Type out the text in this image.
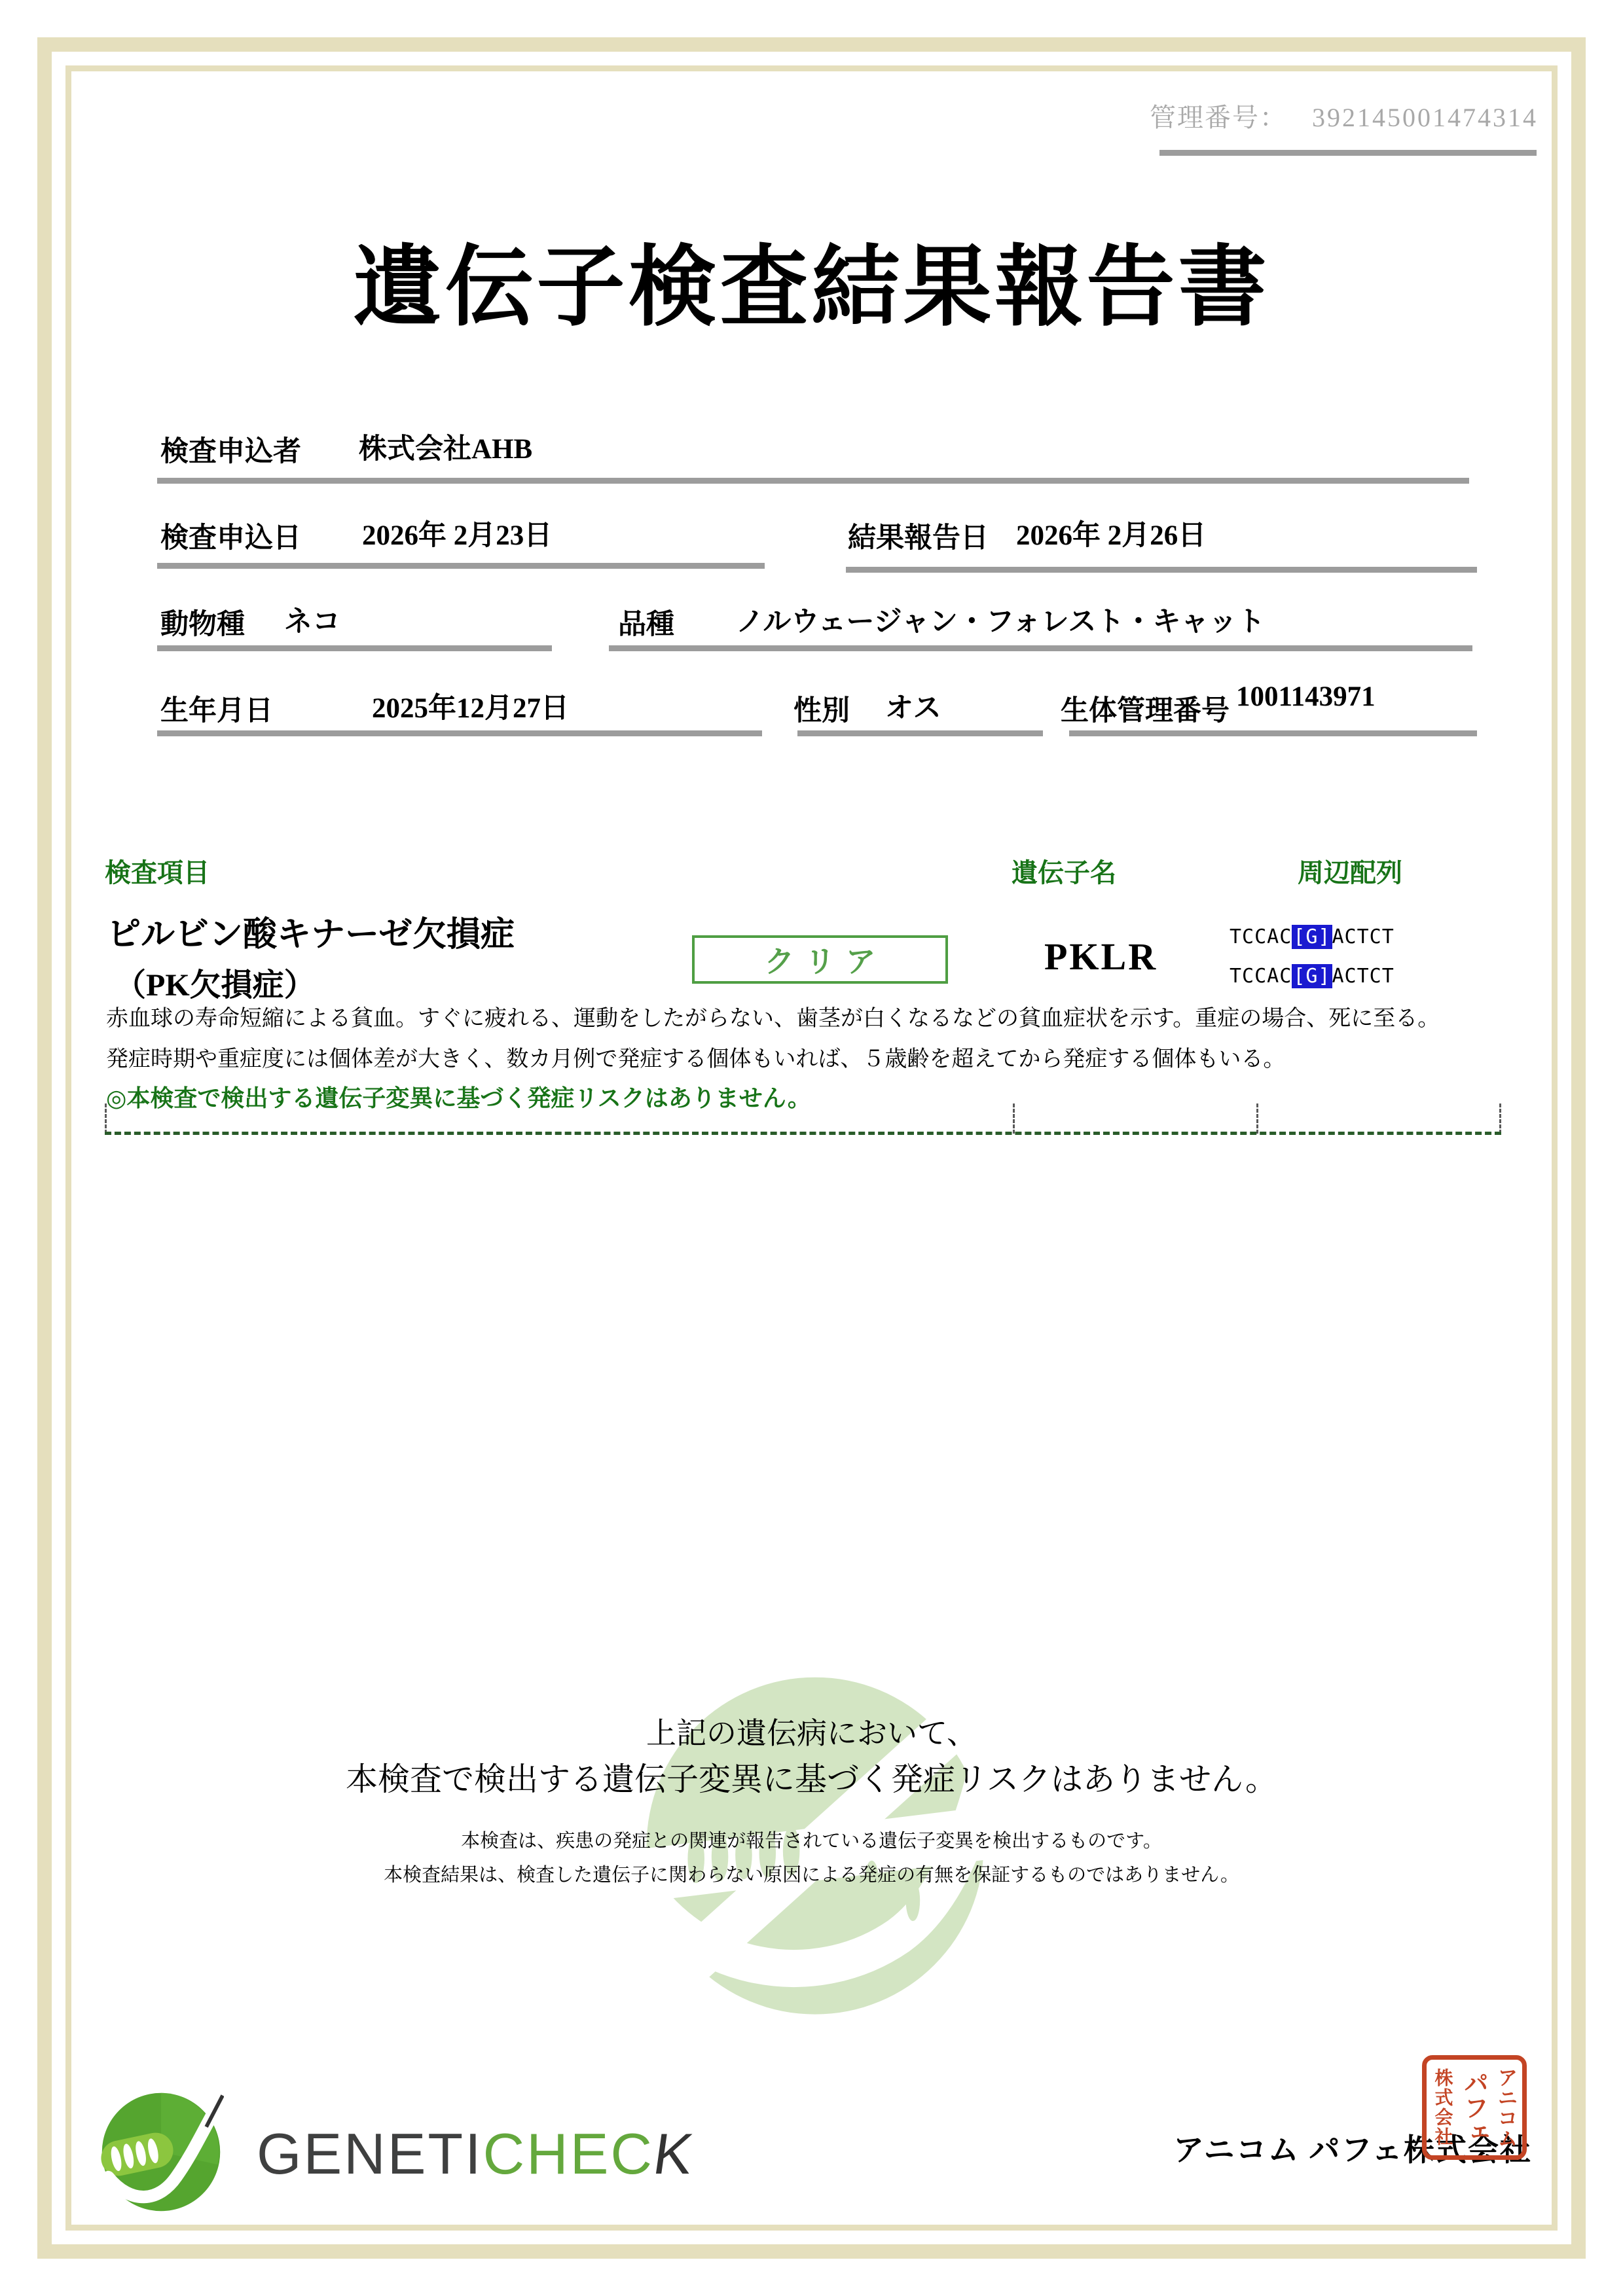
管理番号： 392145001474314
遺伝子検査結果報告書
検査申込者 株式会社AHB
検査申込日 2026年 2月23日	結果報告日 2026年 2月26日
動物種 ネコ	品種 ノルウェージャン・フォレスト・キャット
生年月日	2025年12月27日	性別 オス	生体管理番号 1001143971
検査項目	遺伝子名	周辺配列
ピルビン酸キナーゼ欠損症
（PK欠損症）
クリア	PKLR	TCCAC[G]ACTCT
TCCAC[G]ACTCT
赤血球の寿命短縮による貧血。すぐに疲れる、運動をしたがらない、歯茎が白くなるなどの貧血症状を示す。重症の場合、死に至る。
発症時期や重症度には個体差が大きく、数カ月例で発症する個体もいれば、５歳齢を超えてから発症する個体もいる。
◎本検査で検出する遺伝子変異に基づく発症リスクはありません。
上記の遺伝病において、
本検査で検出する遺伝子変異に基づく発症リスクはありません。
本検査は、疾患の発症との関連が報告されている遺伝子変異を検出するものです。
本検査結果は、検査した遺伝子に関わらない原因による発症の有無を保証するものではありません。
GENETICHECK	アニコム パフェ株式会社
アニコム
パフェ
株式会社
